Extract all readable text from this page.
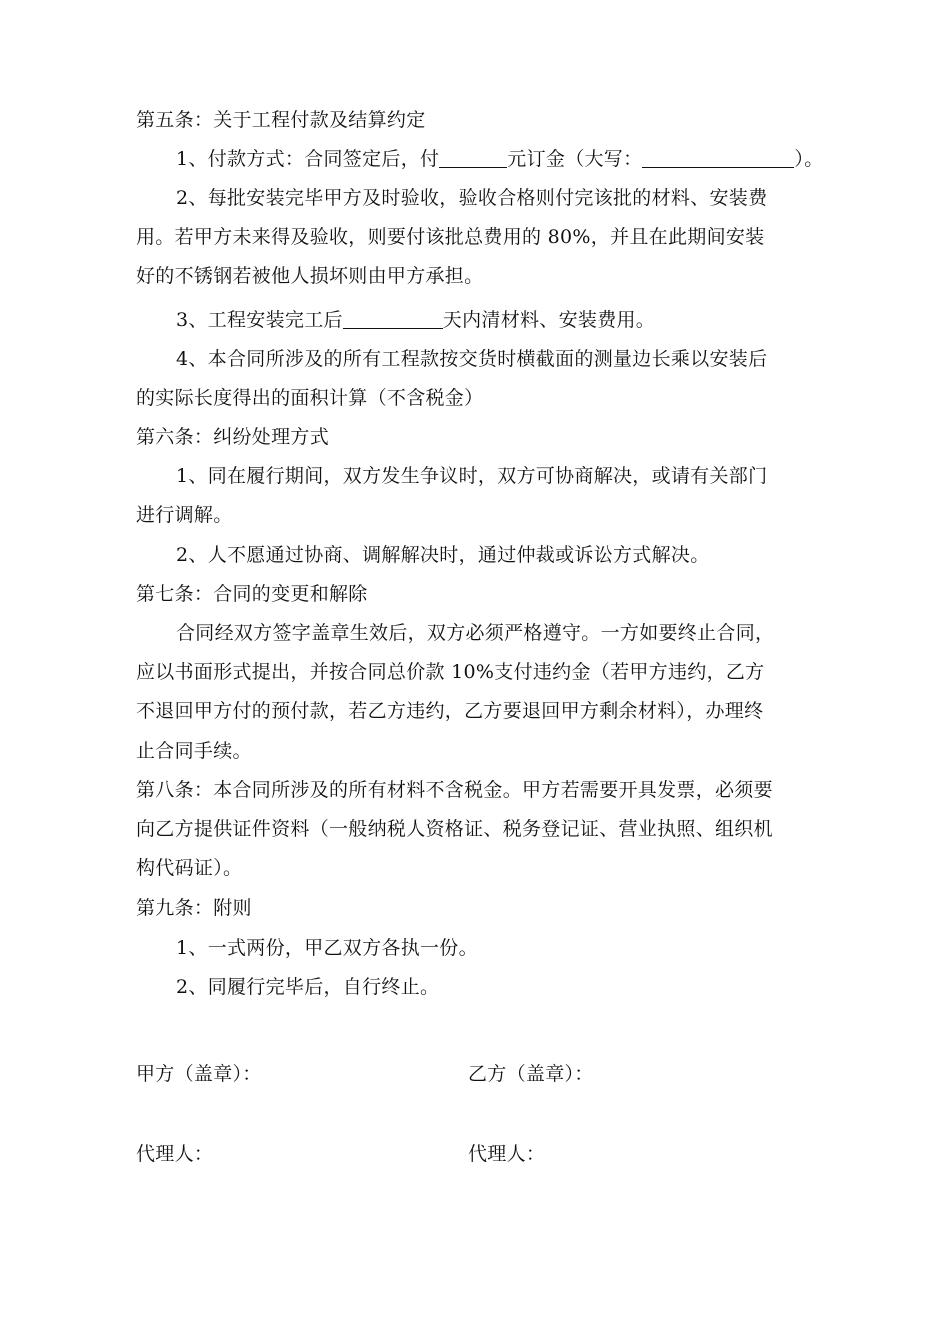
第五条：关于工程付款及结算约定
1、付款方式：合同签定后，付	元订金（大写：	）。
2、每批安装完毕甲方及时验收，验收合格则付完该批的材料、安装费
用。若甲方未来得及验收，则要付该批总费用的 80%，并且在此期间安装
好的不锈钢若被他人损坏则由甲方承担。
3、工程安装完工后	天内清材料、安装费用。
4、本合同所涉及的所有工程款按交货时横截面的测量边长乘以安装后
的实际长度得出的面积计算（不含税金）
第六条：纠纷处理方式
1、同在履行期间，双方发生争议时，双方可协商解决，或请有关部门
进行调解。
2、人不愿通过协商、调解解决时，通过仲裁或诉讼方式解决。
第七条：合同的变更和解除
合同经双方签字盖章生效后，双方必须严格遵守。一方如要终止合同，
应以书面形式提出，并按合同总价款 10%支付违约金（若甲方违约，乙方
不退回甲方付的预付款，若乙方违约，乙方要退回甲方剩余材料），办理终
止合同手续。
第八条：本合同所涉及的所有材料不含税金。甲方若需要开具发票，必须要
向乙方提供证件资料（一般纳税人资格证、税务登记证、营业执照、组织机
构代码证）。
第九条：附则
1、一式两份，甲乙双方各执一份。
2、同履行完毕后，自行终止。
甲方（盖章）：	乙方（盖章）：
代理人：	代理人：
